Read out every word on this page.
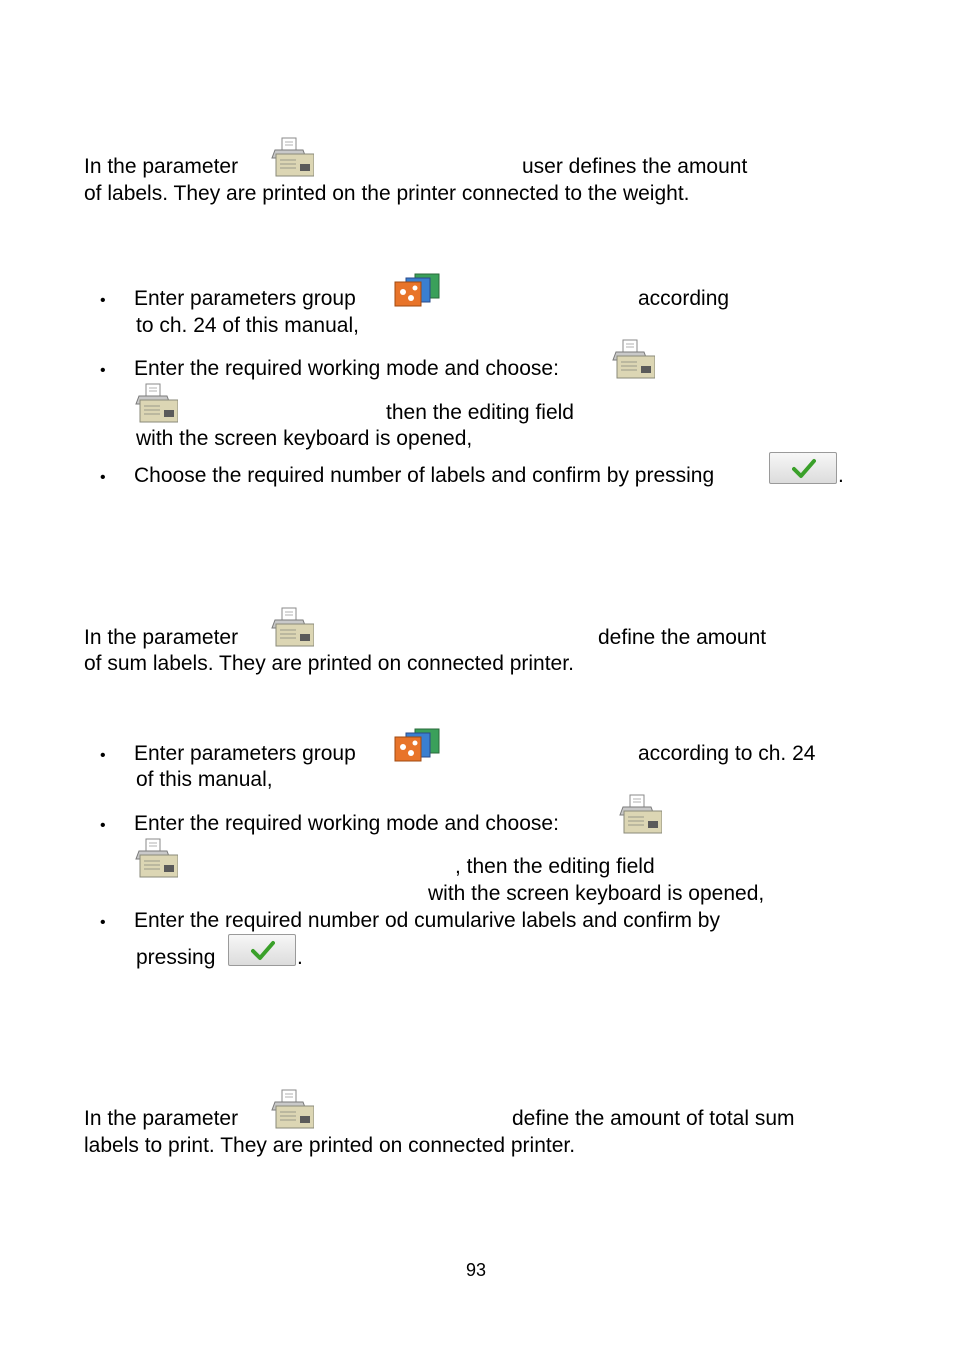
In the parameter	user defines the amount
of labels. They are printed on the printer connected to the weight.
• Enter parameters group	according
to ch. 24 of this manual,
• Enter the required working mode and choose:
then the editing field
with the screen keyboard is opened,
• Choose the required number of labels and confirm by pressing	.
In the parameter	define the amount
of sum labels. They are printed on connected printer.
• Enter parameters group	according to ch. 24
of this manual,
• Enter the required working mode and choose:
, then the editing field
with the screen keyboard is opened,
• Enter the required number od cumularive labels and confirm by
pressing	.
In the parameter	define the amount of total sum
labels to print. They are printed on connected printer.
93
